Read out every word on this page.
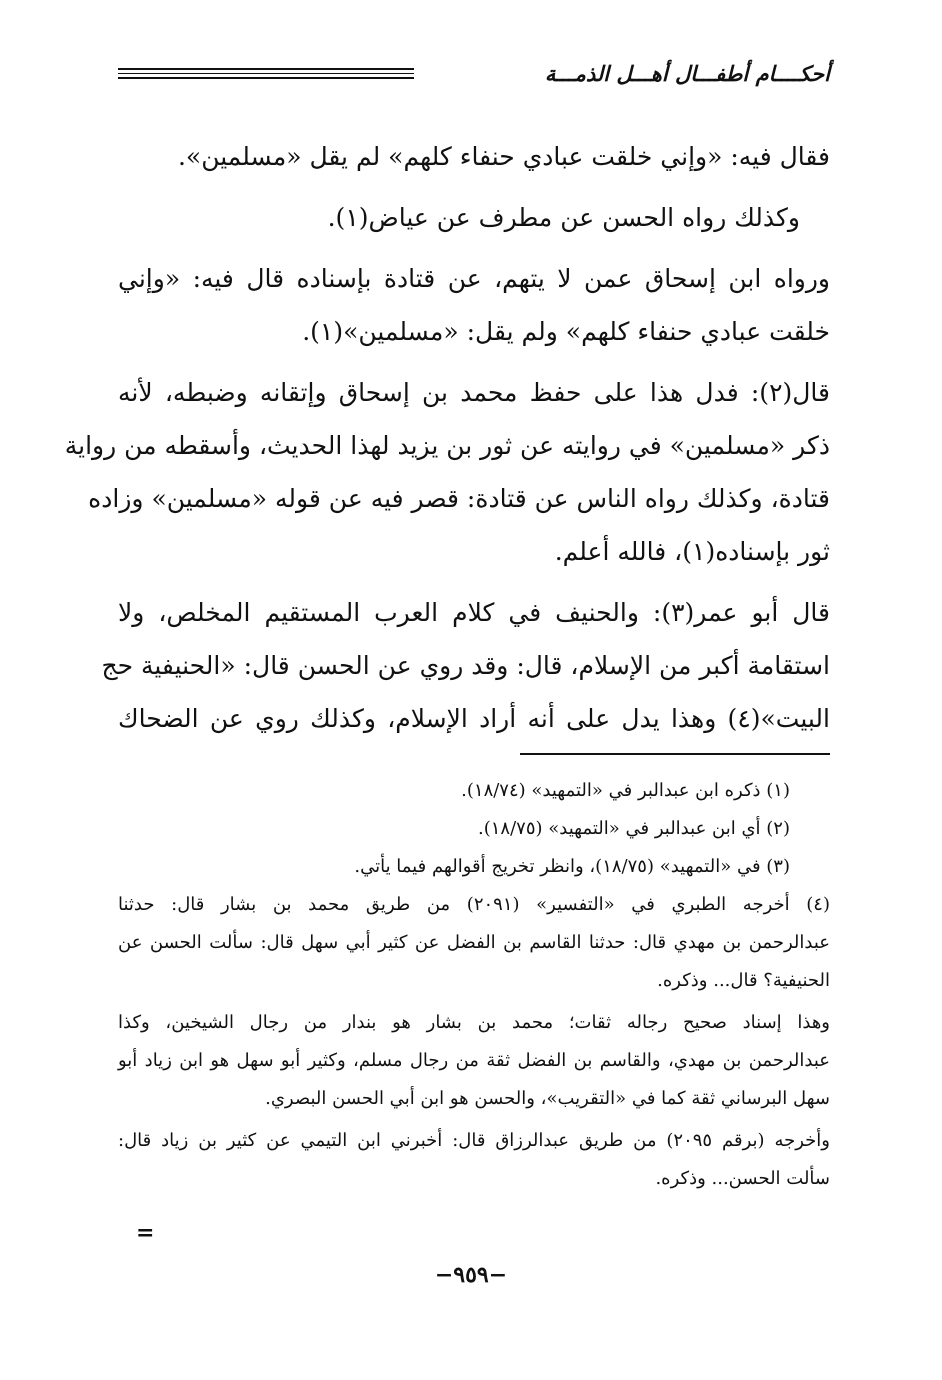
أحكــــام أطفـــال أهـــل الذمـــة

فقال فيه: «وإني خلقت عبادي حنفاء كلهم» لم يقل «مسلمين».

وكذلك رواه الحسن عن مطرف عن عياض(١).

ورواه ابن إسحاق عمن لا يتهم، عن قتادة بإسناده قال فيه: «وإني
خلقت عبادي حنفاء كلهم» ولم يقل: «مسلمين»(١).

قال(٢): فدل هذا على حفظ محمد بن إسحاق وإتقانه وضبطه، لأنه
ذكر «مسلمين» في روايته عن ثور بن يزيد لهذا الحديث، وأسقطه من رواية
قتادة، وكذلك رواه الناس عن قتادة: قصر فيه عن قوله «مسلمين» وزاده
ثور بإسناده(١)، فالله أعلم.

قال أبو عمر(٣): والحنيف في كلام العرب المستقيم المخلص، ولا
استقامة أكبر من الإسلام، قال: وقد روي عن الحسن قال: «الحنيفية حج
البيت»(٤) وهذا يدل على أنه أراد الإسلام، وكذلك روي عن الضحاك

(١) ذكره ابن عبدالبر في «التمهيد» (١٨/٧٤).

(٢) أي ابن عبدالبر في «التمهيد» (١٨/٧٥).

(٣) في «التمهيد» (١٨/٧٥)، وانظر تخريج أقوالهم فيما يأتي.

(٤) أخرجه الطبري في «التفسير» (٢٠٩١) من طريق محمد بن بشار قال: حدثنا
عبدالرحمن بن مهدي قال: حدثنا القاسم بن الفضل عن كثير أبي سهل قال: سألت الحسن عن
الحنيفية؟ قال... وذكره.

وهذا إسناد صحيح رجاله ثقات؛ محمد بن بشار هو بندار من رجال الشيخين، وكذا
عبدالرحمن بن مهدي، والقاسم بن الفضل ثقة من رجال مسلم، وكثير أبو سهل هو ابن زياد أبو
سهل البرساني ثقة كما في «التقريب»، والحسن هو ابن أبي الحسن البصري.

وأخرجه (برقم ٢٠٩٥) من طريق عبدالرزاق قال: أخبرني ابن التيمي عن كثير بن زياد قال:
سألت الحسن... وذكره.

=
−٩٥٩−
